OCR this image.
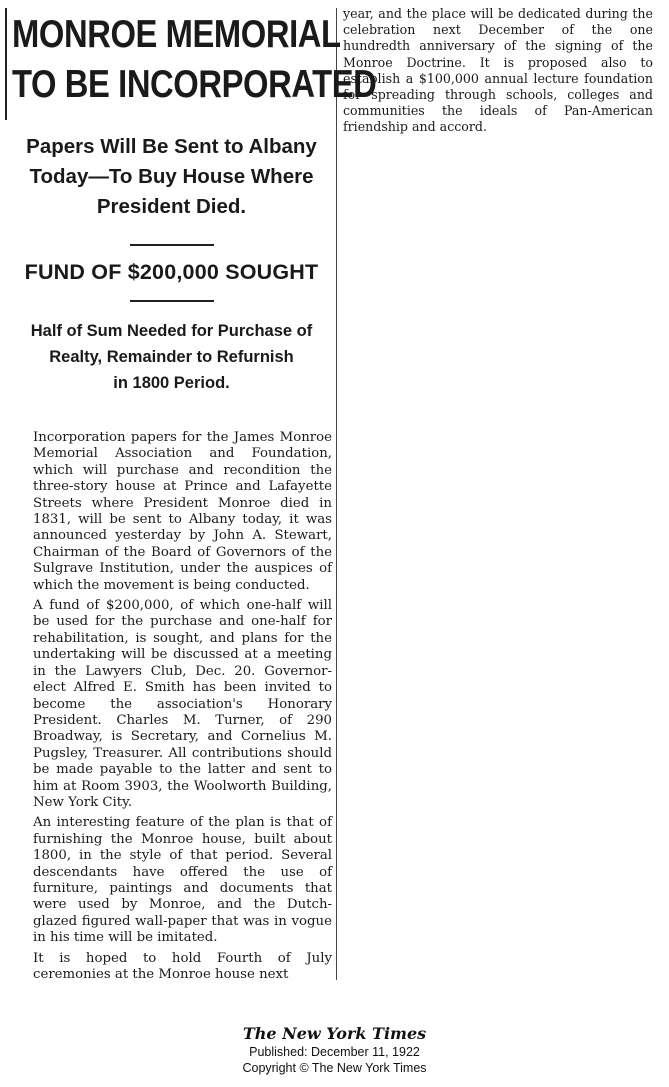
MONROE MEMORIAL
TO BE INCORPORATED
Papers Will Be Sent to Albany
Today—To Buy House Where
President Died.
FUND OF $200,000 SOUGHT
Half of Sum Needed for Purchase of
Realty, Remainder to Refurnish
in 1800 Period.

Incorporation papers for the James Monroe Memorial Association and Foundation, which will purchase and recondition the three-story house at Prince and Lafayette Streets where President Monroe died in 1831, will be sent to Albany today, it was announced yesterday by John A. Stewart, Chairman of the Board of Governors of the Sulgrave Institution, under the auspices of which the movement is being conducted.

A fund of $200,000, of which one-half will be used for the purchase and one-half for rehabilitation, is sought, and plans for the undertaking will be discussed at a meeting in the Lawyers Club, Dec. 20. Governor-elect Alfred E. Smith has been invited to become the association's Honorary President. Charles M. Turner, of 290 Broadway, is Secretary, and Cornelius M. Pugsley, Treasurer. All contributions should be made payable to the latter and sent to him at Room 3903, the Woolworth Building, New York City.

An interesting feature of the plan is that of furnishing the Monroe house, built about 1800, in the style of that period. Several descendants have offered the use of furniture, paintings and documents that were used by Monroe, and the Dutch-glazed figured wall-paper that was in vogue in his time will be imitated.

It is hoped to hold Fourth of July ceremonies at the Monroe house next

year, and the place will be dedicated during the celebration next December of the one hundredth anniversary of the signing of the Monroe Doctrine. It is proposed also to establish a $100,000 annual lecture foundation for spreading through schools, colleges and communities the ideals of Pan-American friendship and accord.

The New York Times
Published: December 11, 1922
Copyright © The New York Times
